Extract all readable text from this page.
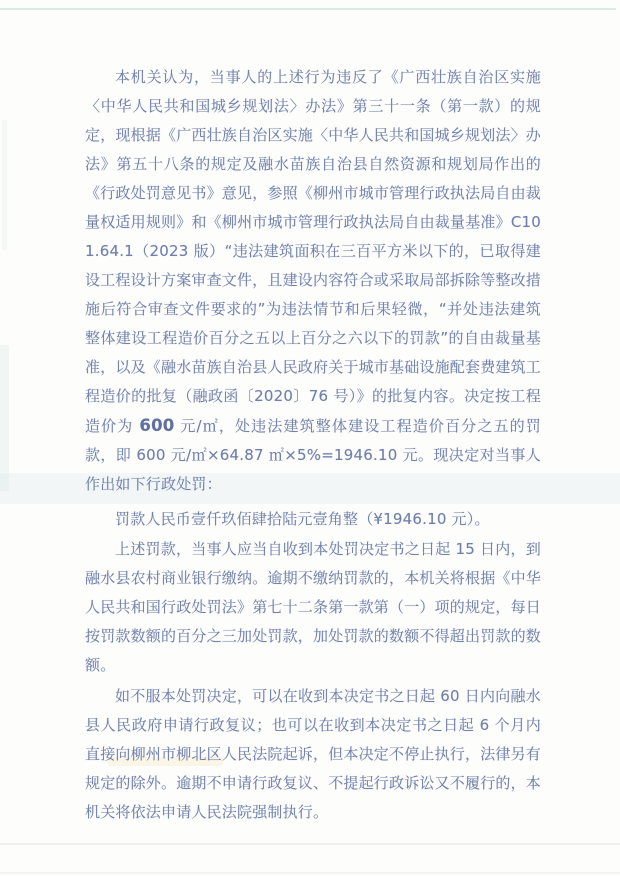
本机关认为，当事人的上述行为违反了《广西壮族自治区实施〈中华人民共和国城乡规划法〉办法》第三十一条（第一款）的规定，现根据《广西壮族自治区实施〈中华人民共和国城乡规划法〉办法》第五十八条的规定及融水苗族自治县自然资源和规划局作出的《行政处罚意见书》意见，参照《柳州市城市管理行政执法局自由裁量权适用规则》和《柳州市城市管理行政执法局自由裁量基准》C101.64.1（2023 版）“违法建筑面积在三百平方米以下的，已取得建设工程设计方案审查文件，且建设内容符合或采取局部拆除等整改措施后符合审查文件要求的”为违法情节和后果轻微，“并处违法建筑整体建设工程造价百分之五以上百分之六以下的罚款”的自由裁量基准，以及《融水苗族自治县人民政府关于城市基础设施配套费建筑工程造价的批复（融政函〔2020〕76 号）》的批复内容。决定按工程造价为 600 元/㎡，处违法建筑整体建设工程造价百分之五的罚款，即 600 元/㎡×64.87 ㎡×5%=1946.10 元。现决定对当事人作出如下行政处罚：

罚款人民币壹仟玖佰肆拾陆元壹角整（¥1946.10 元）。

上述罚款，当事人应当自收到本处罚决定书之日起 15 日内，到融水县农村商业银行缴纳。逾期不缴纳罚款的，本机关将根据《中华人民共和国行政处罚法》第七十二条第一款第（一）项的规定，每日按罚款数额的百分之三加处罚款，加处罚款的数额不得超出罚款的数额。

如不服本处罚决定，可以在收到本决定书之日起 60 日内向融水县人民政府申请行政复议；也可以在收到本决定书之日起 6 个月内直接向柳州市柳北区人民法院起诉，但本决定不停止执行，法律另有规定的除外。逾期不申请行政复议、不提起行政诉讼又不履行的，本机关将依法申请人民法院强制执行。
